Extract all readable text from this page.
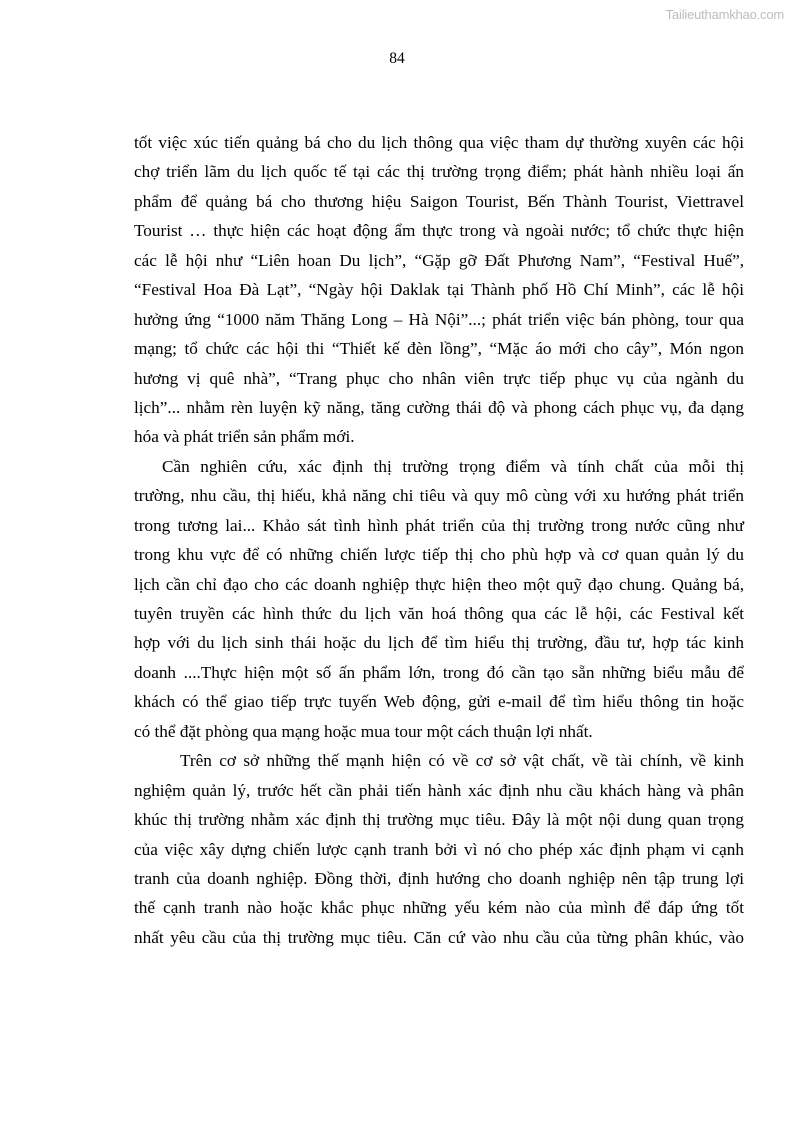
Tailieuthamkhao.com
84
tốt việc xúc tiến quảng bá cho du lịch thông qua việc tham dự thường xuyên các hội
chợ triển lãm du lịch quốc tế tại các thị trường trọng điểm; phát hành nhiều loại ấn
phẩm để quảng bá cho thương hiệu Saigon Tourist, Bến Thành Tourist, Viettravel
Tourist … thực hiện các hoạt động ẩm thực trong và ngoài nước; tổ chức thực hiện
các lễ hội như “Liên hoan Du lịch”, “Gặp gỡ Đất Phương Nam”, “Festival Huế”,
“Festival Hoa Đà Lạt”, “Ngày hội Daklak tại Thành phố Hồ Chí Minh”, các lễ hội
hưởng ứng “1000 năm Thăng Long – Hà Nội”...; phát triển việc bán phòng, tour qua
mạng; tổ chức các hội thi “Thiết kế đèn lồng”, “Mặc áo mới cho cây”, Món ngon
hương vị quê nhà”, “Trang phục cho nhân viên trực tiếp phục vụ của ngành du
lịch”... nhằm rèn luyện kỹ năng, tăng cường thái độ và phong cách phục vụ, đa dạng
hóa và phát triển sản phẩm mới.
Cần nghiên cứu, xác định thị trường trọng điểm và tính chất của mỗi thị
trường, nhu cầu, thị hiếu, khả năng chi tiêu và quy mô cùng với xu hướng phát triển
trong tương lai... Khảo sát tình hình phát triển của thị trường trong nước cũng như
trong khu vực để có những chiến lược tiếp thị cho phù hợp và cơ quan quản lý du
lịch cần chỉ đạo cho các doanh nghiệp thực hiện theo một quỹ đạo chung. Quảng bá,
tuyên truyền các hình thức du lịch văn hoá thông qua các lễ hội, các Festival kết
hợp với du lịch sinh thái hoặc du lịch để tìm hiểu thị trường, đầu tư, hợp tác kinh
doanh ....Thực hiện một số ấn phẩm lớn, trong đó cần tạo sẵn những biểu mẫu để
khách có thể giao tiếp trực tuyến Web động, gửi e-mail để tìm hiểu thông tin hoặc
có thể đặt phòng qua mạng hoặc mua tour một cách thuận lợi nhất.
Trên cơ sở những thế mạnh hiện có về cơ sở vật chất, về tài chính, về kinh
nghiệm quản lý, trước hết cần phải tiến hành xác định nhu cầu khách hàng và phân
khúc thị trường nhằm xác định thị trường mục tiêu. Đây là một nội dung quan trọng
của việc xây dựng chiến lược cạnh tranh bởi vì nó cho phép xác định phạm vi cạnh
tranh của doanh nghiệp. Đồng thời, định hướng cho doanh nghiệp nên tập trung lợi
thế cạnh tranh nào hoặc khắc phục những yếu kém nào của mình để đáp ứng tốt
nhất yêu cầu của thị trường mục tiêu. Căn cứ vào nhu cầu của từng phân khúc, vào
